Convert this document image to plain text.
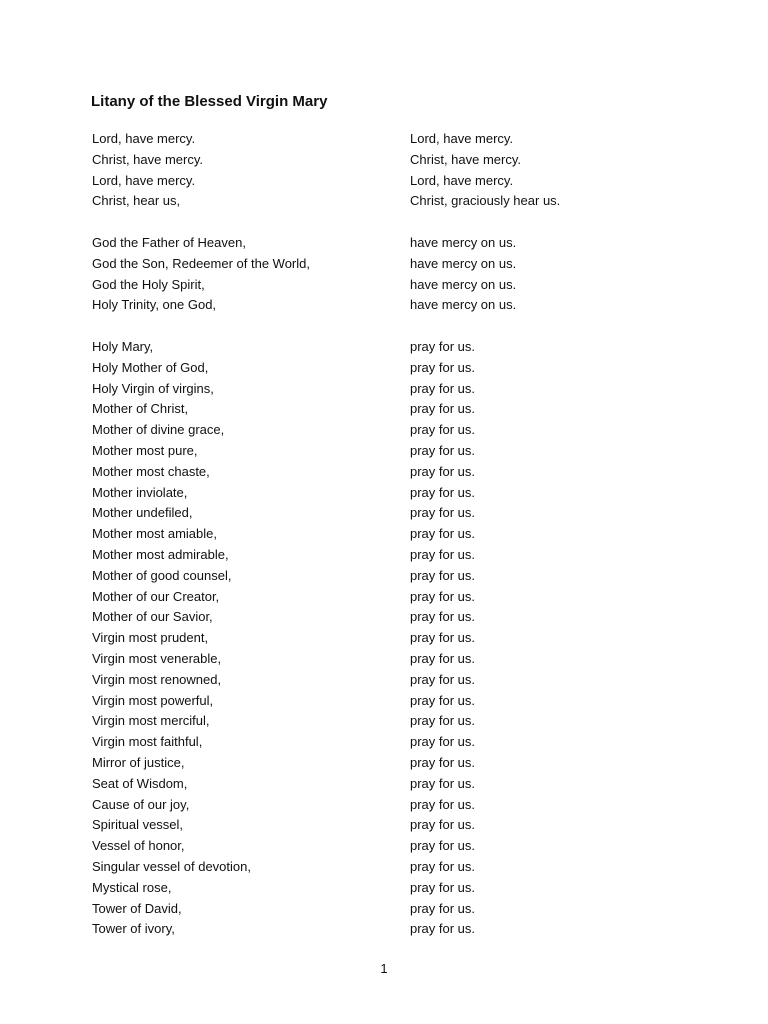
Litany of the Blessed Virgin Mary
Lord, have mercy.	Lord, have mercy.
Christ, have mercy.	Christ, have mercy.
Lord, have mercy.	Lord, have mercy.
Christ, hear us,	Christ, graciously hear us.
God the Father of Heaven,	have mercy on us.
God the Son, Redeemer of the World,	have mercy on us.
God the Holy Spirit,	have mercy on us.
Holy Trinity, one God,	have mercy on us.
Holy Mary,	pray for us.
Holy Mother of God,	pray for us.
Holy Virgin of virgins,	pray for us.
Mother of Christ,	pray for us.
Mother of divine grace,	pray for us.
Mother most pure,	pray for us.
Mother most chaste,	pray for us.
Mother inviolate,	pray for us.
Mother undefiled,	pray for us.
Mother most amiable,	pray for us.
Mother most admirable,	pray for us.
Mother of good counsel,	pray for us.
Mother of our Creator,	pray for us.
Mother of our Savior,	pray for us.
Virgin most prudent,	pray for us.
Virgin most venerable,	pray for us.
Virgin most renowned,	pray for us.
Virgin most powerful,	pray for us.
Virgin most merciful,	pray for us.
Virgin most faithful,	pray for us.
Mirror of justice,	pray for us.
Seat of Wisdom,	pray for us.
Cause of our joy,	pray for us.
Spiritual vessel,	pray for us.
Vessel of honor,	pray for us.
Singular vessel of devotion,	pray for us.
Mystical rose,	pray for us.
Tower of David,	pray for us.
Tower of ivory,	pray for us.
1
